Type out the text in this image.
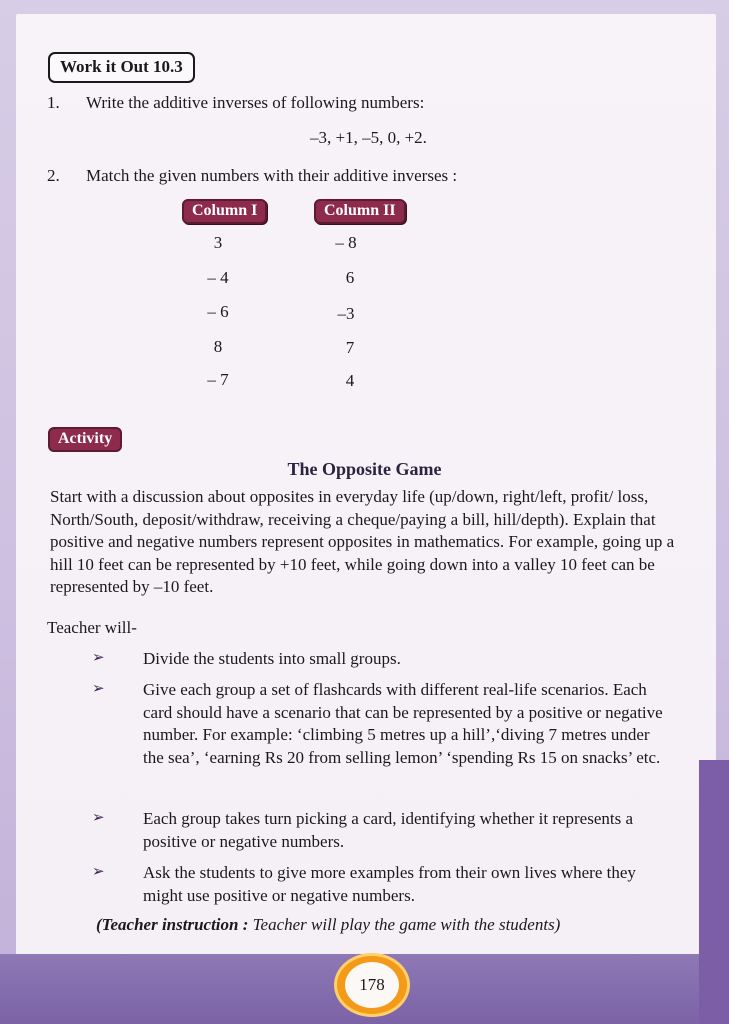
Work it Out 10.3
1. Write the additive inverses of following numbers:
–3, +1, –5, 0, +2.
2. Match the given numbers with their additive inverses :
Column I	Column II
3
– 4
– 6
8
– 7
– 8
6
–3
7
4
Activity
The Opposite Game
Start with a discussion about opposites in everyday life (up/down, right/left, profit/ loss, North/South, deposit/withdraw, receiving a cheque/paying a bill, hill/depth). Explain that positive and negative numbers represent opposites in mathematics. For example, going up a hill 10 feet can be represented by +10 feet, while going down into a valley 10 feet can be represented by –10 feet.
Teacher will-
➢ Divide the students into small groups.
➢ Give each group a set of flashcards with different real-life scenarios. Each card should have a scenario that can be represented by a positive or negative number. For example: ‘climbing 5 metres up a hill’,‘diving 7 metres under the sea’, ‘earning Rs 20 from selling lemon’ ‘spending Rs 15 on snacks’ etc.
➢ Each group takes turn picking a card, identifying whether it represents a positive or negative numbers.
➢ Ask the students to give more examples from their own lives where they might use positive or negative numbers.
(Teacher instruction : Teacher will play the game with the students)
178
